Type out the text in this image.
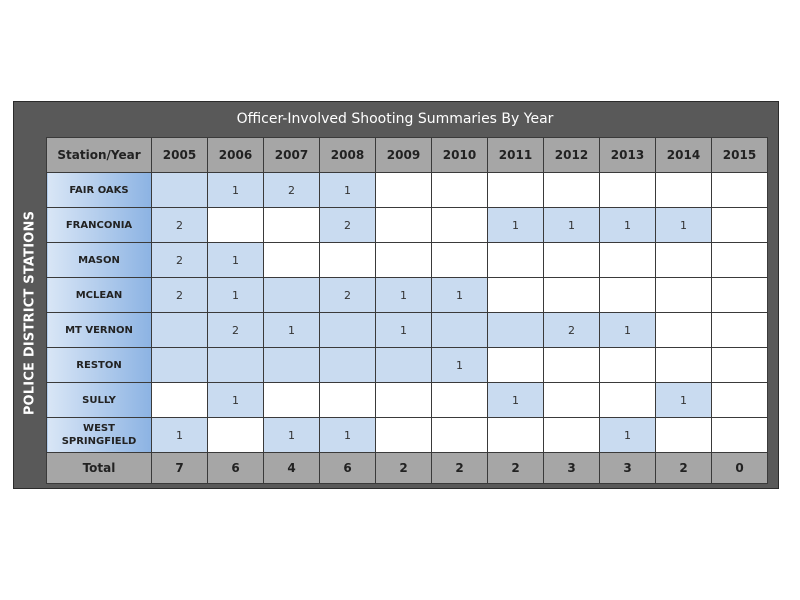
Officer-Involved Shooting Summaries By Year
POLICE DISTRICT STATIONS
Station/Year	2005	2006	2007	2008	2009	2010	2011	2012	2013	2014	2015
FAIR OAKS		1	2	1							
FRANCONIA	2			2			1	1	1	1	
MASON	2	1									
MCLEAN	2	1		2	1	1					
MT VERNON		2	1		1			2	1		
RESTON						1					
SULLY		1					1			1	
WEST SPRINGFIELD	1		1	1					1		
Total	7	6	4	6	2	2	2	3	3	2	0
